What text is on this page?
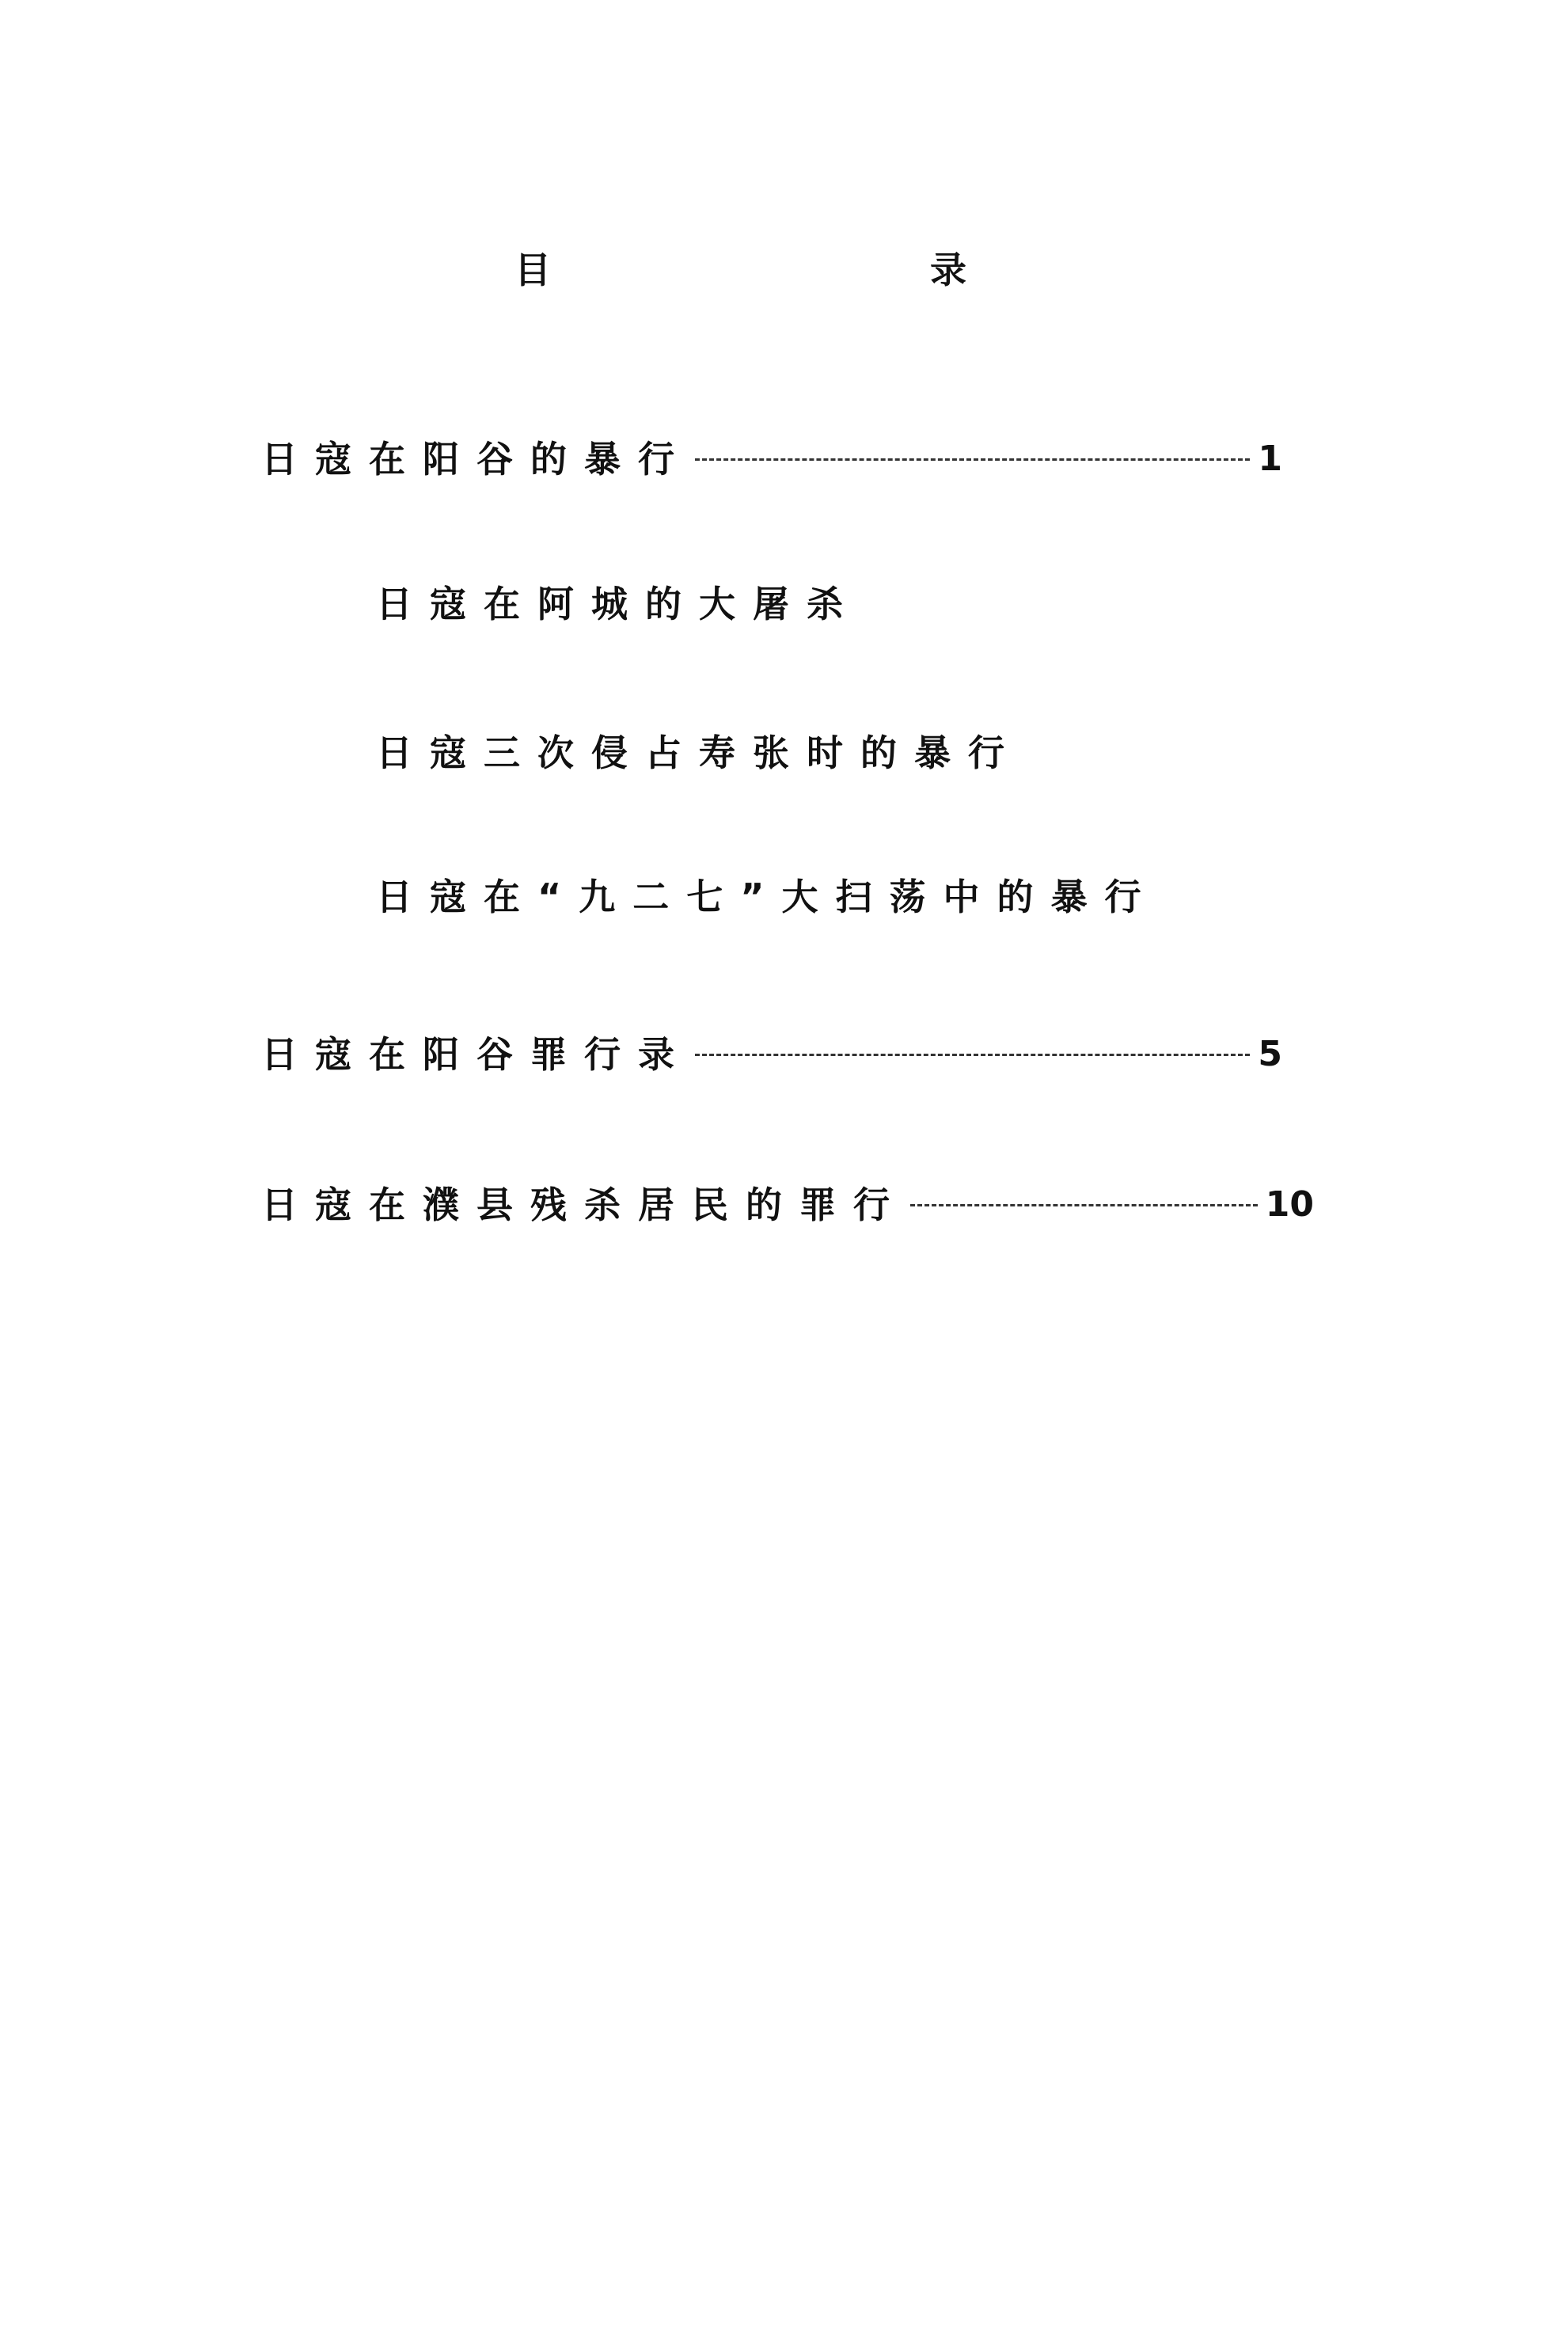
目	录
日寇在阳谷的暴行	1
日寇在阿城的大屠杀
日寇三次侵占寿张时的暴行
日寇在“九二七”大扫荡中的暴行
日寇在阳谷罪行录	5
日寇在濮县残杀居民的罪行	10
